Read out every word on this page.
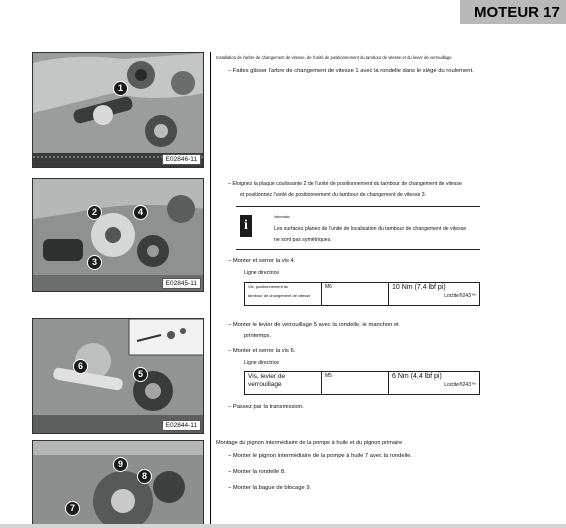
MOTEUR 17
1
E02846-11
2
3
4
E02845-11
6
5
E02844-11
9
8
7
Installation de l'arbre de changement de vitesse, de l'unité de positionnement du tambour de vitesse et du levier de verrouillage
– Faites glisser l'arbre de changement de vitesse 1 avec la rondelle dans le siège du roulement.
– Eloignez la plaque coulissante 2 de l'unité de positionnement du tambour de changement de vitesse
et positionnez l'unité de positionnement du tambour de changement de vitesse 3.
i
Information
Les surfaces planes de l'unité de localisation du tambour de changement de vitesse
ne sont pas symétriques.
– Monter et serrer la vis 4.
Ligne directrice
Vis, positionnement du
tambour de changement de vitesse
	M6	10 Nm (7,4 lbf pi)
Loctite®243™
– Monter le levier de verrouillage 5 avec la rondelle, le manchon et
printemps.
– Monter et serrer la vis 6.
Ligne directrice
Vis, levier de
verrouillage
	M5	6 Nm (4,4 lbf pi)
Loctite®243™
– Passez par la transmission.
Montage du pignon intermédiaire de la pompe à huile et du pignon primaire
– Monter le pignon intermédiaire de la pompe à huile 7 avec la rondelle.
– Monter la rondelle 8.
– Monter la bague de blocage 9.
